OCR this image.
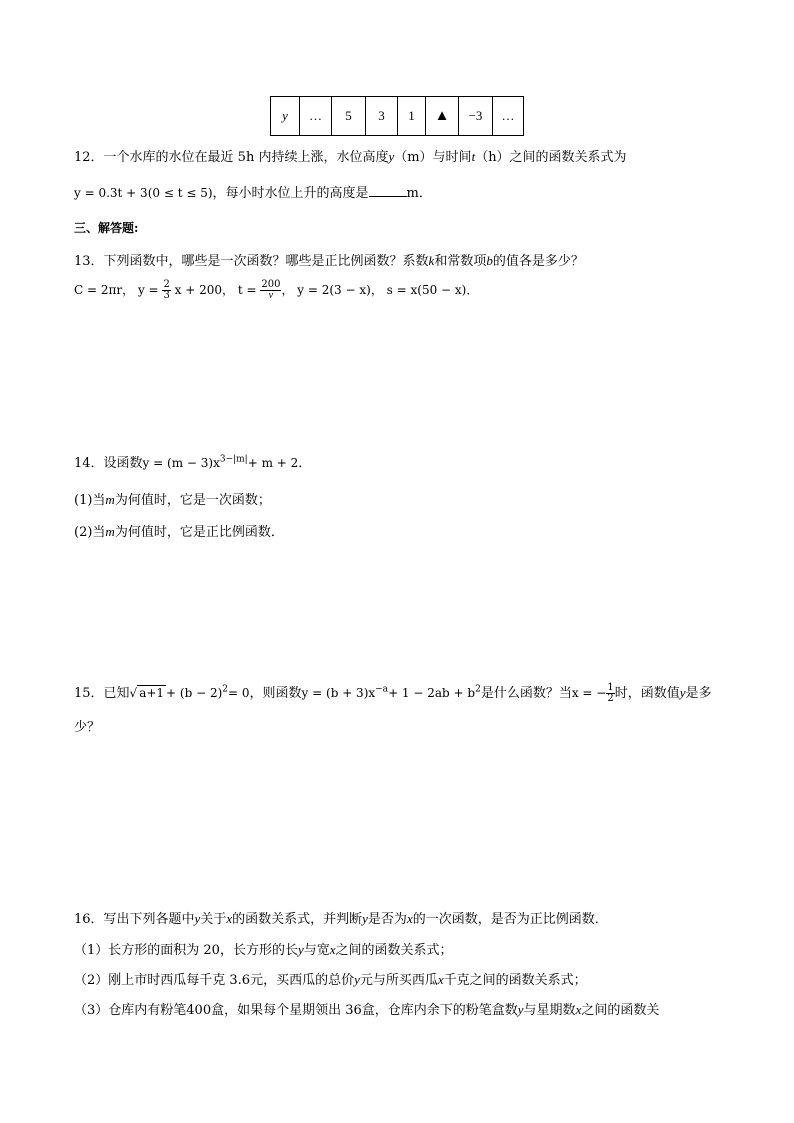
y	…	5	3	1	▲	−3	…
12．一个水库的水位在最近 5h 内持续上涨，水位高度y（m）与时间t（h）之间的函数关系式为
y = 0.3t + 3(0 ≤ t ≤ 5)，每小时水位上升的高度是	m．
三、解答题:
13．下列函数中，哪些是一次函数？哪些是正比例函数？系数k和常数项b的值各是多少？
C = 2πr， $y = \frac{2}{3}$ x + 200， $t = \frac{200}{v}$ ， y = 2(3 − x)， s = x(50 − x)．
14．设函数$y = (m - 3)x^{3-|m|}+ m + 2$．
(1)当m为何值时，它是一次函数；
(2)当m为何值时，它是正比例函数．
15．已知√ $a+1 + (b - 2)^2= 0$，则函数$y = (b + 3)x^{-a}+ 1 - 2ab + b^2$是什么函数？当x = − $\frac{1}{2}$ 时，函数值y是多
少？
16．写出下列各题中y关于x的函数关系式，并判断y是否为x的一次函数，是否为正比例函数．
（1）长方形的面积为 20，长方形的长y与宽x之间的函数关系式；
（2）刚上市时西瓜每千克 3.6元，买西瓜的总价y元与所买西瓜x千克之间的函数关系式；
（3）仓库内有粉笔400盒，如果每个星期领出 36盒，仓库内余下的粉笔盒数y与星期数x之间的函数关
